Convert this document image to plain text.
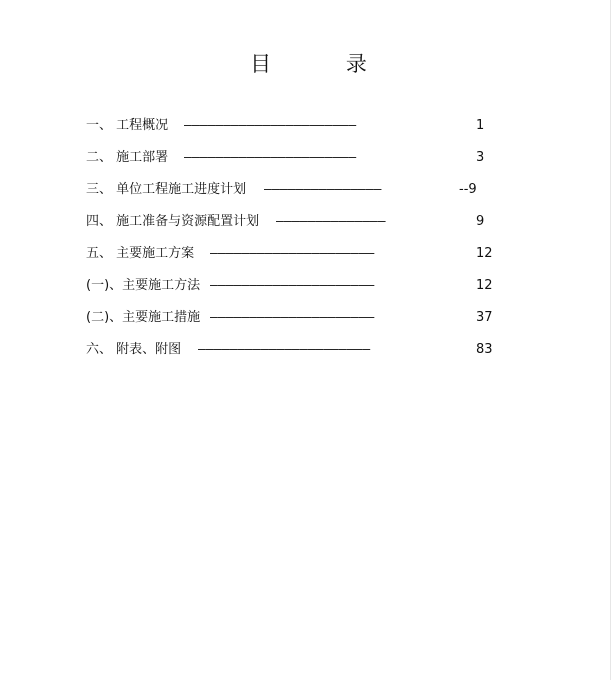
目 录
一、 工程概况 ——————————————————————	1
二、 施工部署 ——————————————————————	3
三、 单位工程施工进度计划 ———————————————	--9
四、 施工准备与资源配置计划 ——————————————	9
五、 主要施工方案 —————————————————————	12
(一)、主要施工方法 —————————————————————	12
(二)、主要施工措施 —————————————————————	37
六、 附表、附图 ——————————————————————	83
